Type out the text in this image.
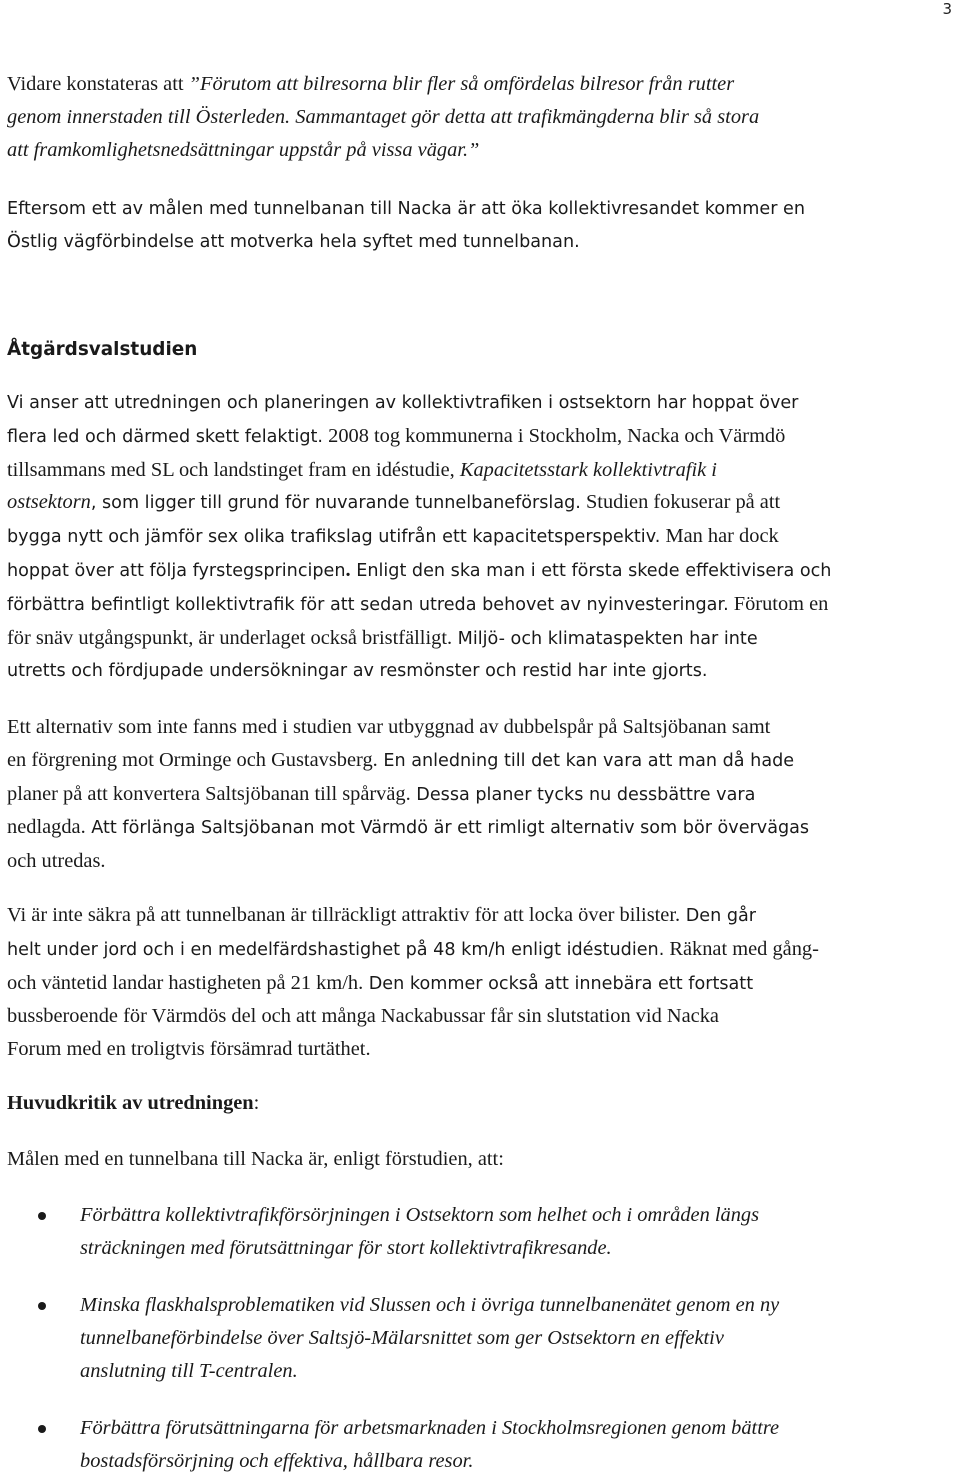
3
Vidare konstateras att ”Förutom att bilresorna blir fler så omfördelas bilresor från rutter
genom innerstaden till Österleden. Sammantaget gör detta att trafikmängderna blir så stora
att framkomlighetsnedsättningar uppstår på vissa vägar.”
Eftersom ett av målen med tunnelbanan till Nacka är att öka kollektivresandet kommer en
Östlig vägförbindelse att motverka hela syftet med tunnelbanan.
Åtgärdsvalstudien
Vi anser att utredningen och planeringen av kollektivtrafiken i ostsektorn har hoppat över
flera led och därmed skett felaktigt. 2008 tog kommunerna i Stockholm, Nacka och Värmdö
tillsammans med SL och landstinget fram en idéstudie, Kapacitetsstark kollektivtrafik i
ostsektorn, som ligger till grund för nuvarande tunnelbaneförslag. Studien fokuserar på att
bygga nytt och jämför sex olika trafikslag utifrån ett kapacitetsperspektiv. Man har dock
hoppat över att följa fyrstegsprincipen. Enligt den ska man i ett första skede effektivisera och
förbättra befintligt kollektivtrafik för att sedan utreda behovet av nyinvesteringar. Förutom en
för snäv utgångspunkt, är underlaget också bristfälligt. Miljö- och klimataspekten har inte
utretts och fördjupade undersökningar av resmönster och restid har inte gjorts.
Ett alternativ som inte fanns med i studien var utbyggnad av dubbelspår på Saltsjöbanan samt
en förgrening mot Orminge och Gustavsberg. En anledning till det kan vara att man då hade
planer på att konvertera Saltsjöbanan till spårväg. Dessa planer tycks nu dessbättre vara
nedlagda. Att förlänga Saltsjöbanan mot Värmdö är ett rimligt alternativ som bör övervägas
och utredas.
Vi är inte säkra på att tunnelbanan är tillräckligt attraktiv för att locka över bilister. Den går
helt under jord och i en medelfärdshastighet på 48 km/h enligt idéstudien. Räknat med gång-
och väntetid landar hastigheten på 21 km/h. Den kommer också att innebära ett fortsatt
bussberoende för Värmdös del och att många Nackabussar får sin slutstation vid Nacka
Forum med en troligtvis försämrad turtäthet.
Huvudkritik av utredningen:
Målen med en tunnelbana till Nacka är, enligt förstudien, att:
Förbättra kollektivtrafikförsörjningen i Ostsektorn som helhet och i områden längs
sträckningen med förutsättningar för stort kollektivtrafikresande.
Minska flaskhalsproblematiken vid Slussen och i övriga tunnelbanenätet genom en ny
tunnelbaneförbindelse över Saltsjö-Mälarsnittet som ger Ostsektorn en effektiv
anslutning till T-centralen.
Förbättra förutsättningarna för arbetsmarknaden i Stockholmsregionen genom bättre
bostadsförsörjning och effektiva, hållbara resor.
